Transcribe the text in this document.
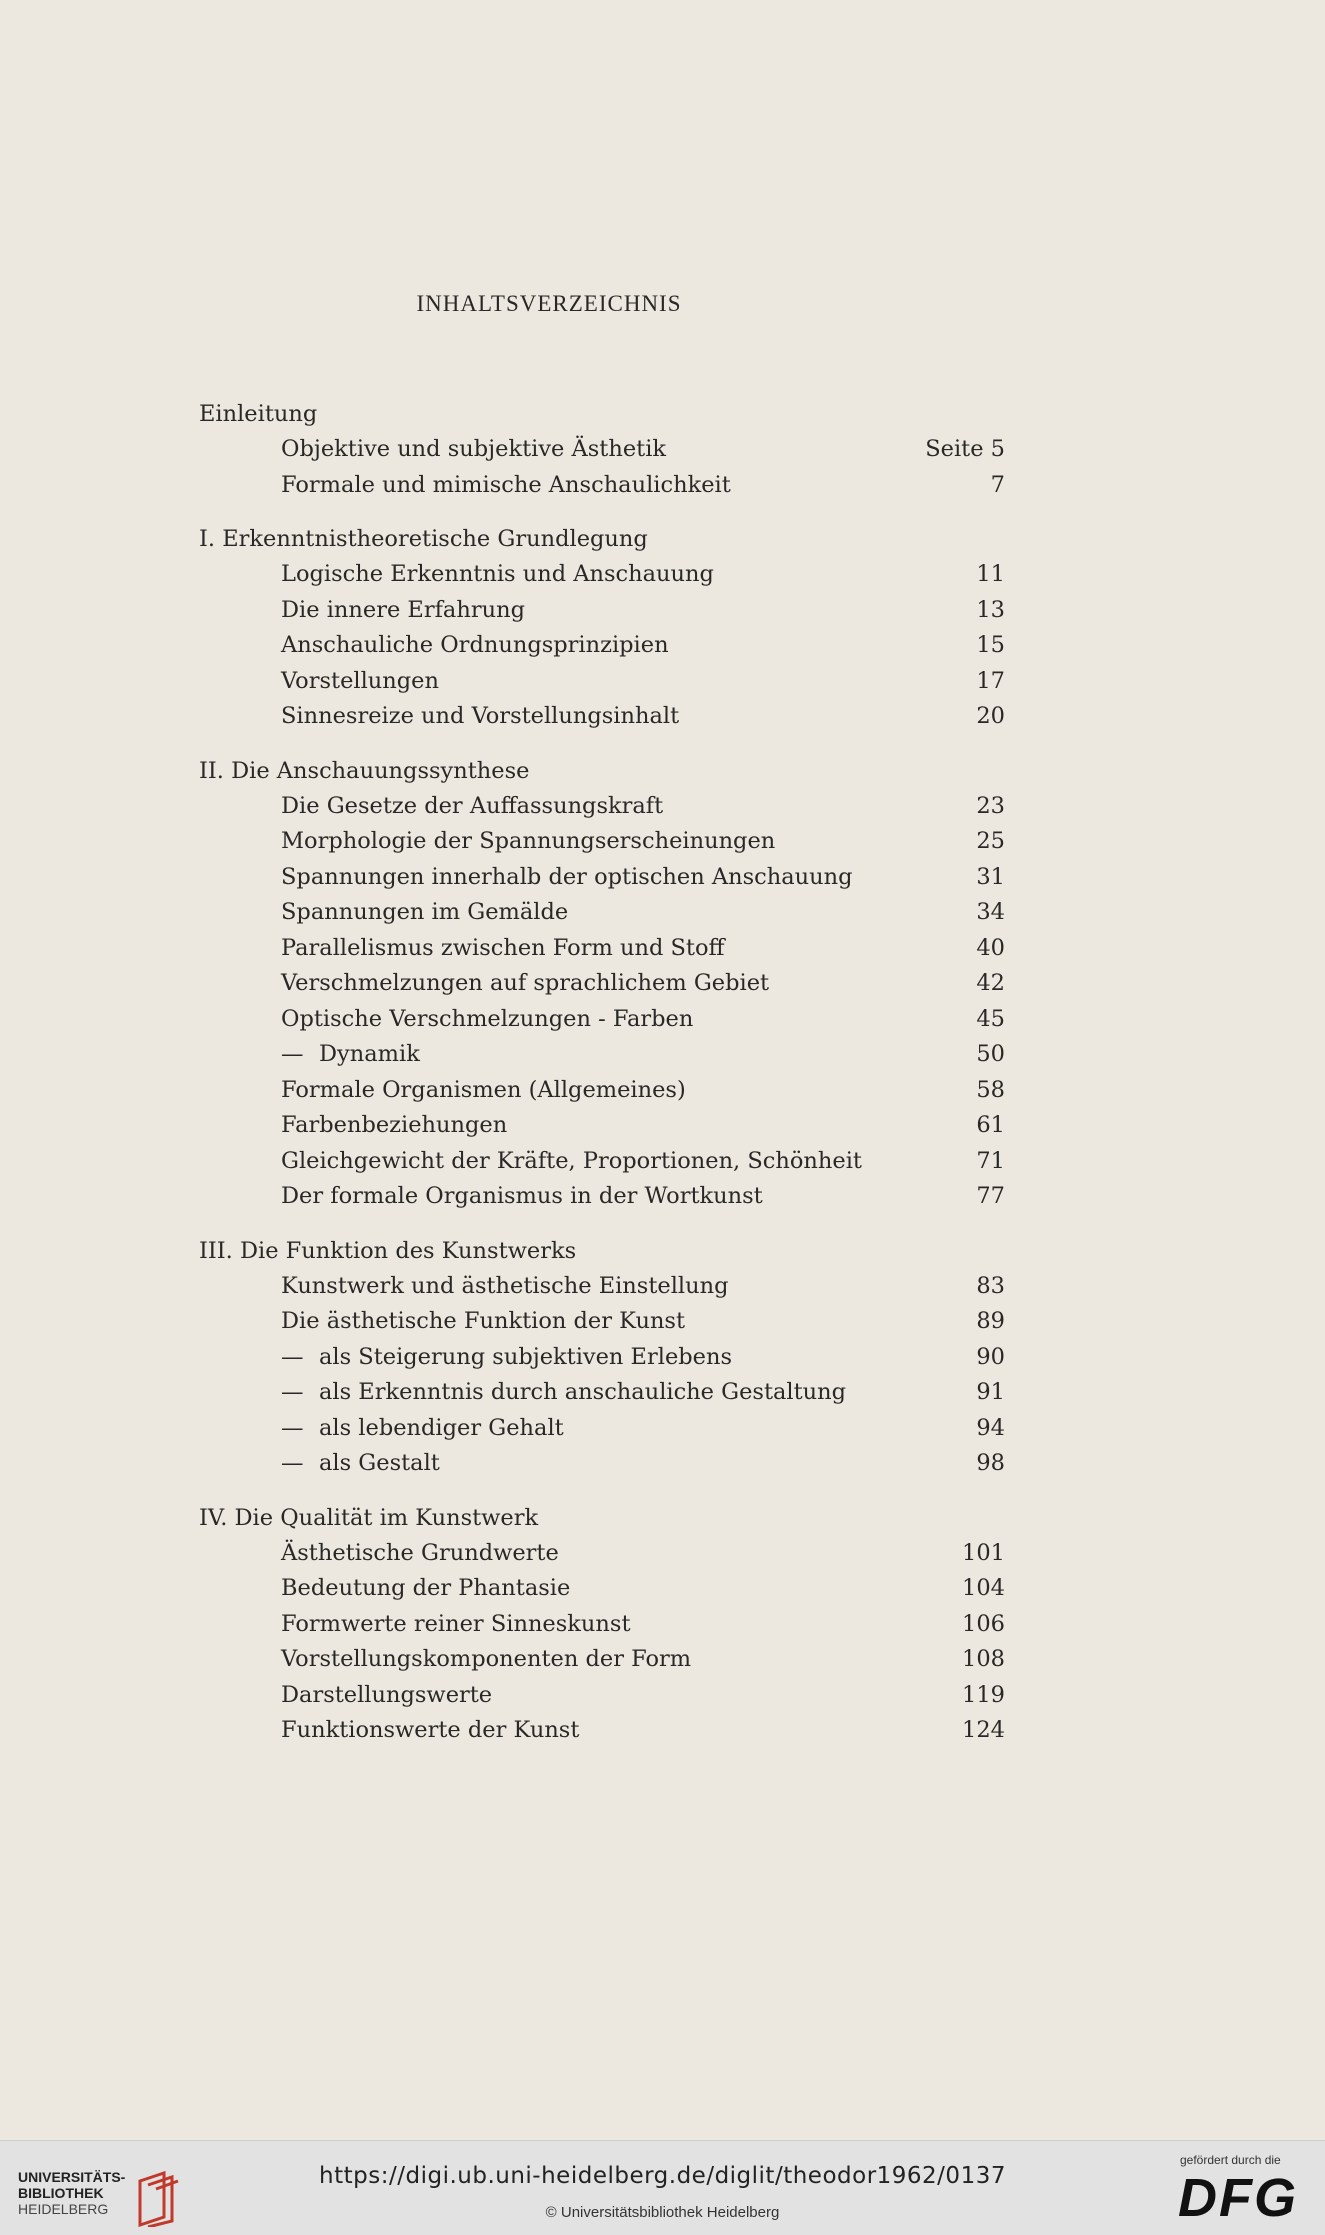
INHALTSVERZEICHNIS
Einleitung
Objektive und subjektive Ästhetik	Seite 5
Formale und mimische Anschaulichkeit	7
I. Erkenntnistheoretische Grundlegung
Logische Erkenntnis und Anschauung	11
Die innere Erfahrung	13
Anschauliche Ordnungsprinzipien	15
Vorstellungen	17
Sinnesreize und Vorstellungsinhalt	20
II. Die Anschauungssynthese
Die Gesetze der Auffassungskraft	23
Morphologie der Spannungserscheinungen	25
Spannungen innerhalb der optischen Anschauung	31
Spannungen im Gemälde	34
Parallelismus zwischen Form und Stoff	40
Verschmelzungen auf sprachlichem Gebiet	42
Optische Verschmelzungen - Farben	45
— Dynamik	50
Formale Organismen (Allgemeines)	58
Farbenbeziehungen	61
Gleichgewicht der Kräfte, Proportionen, Schönheit	71
Der formale Organismus in der Wortkunst	77
III. Die Funktion des Kunstwerks
Kunstwerk und ästhetische Einstellung	83
Die ästhetische Funktion der Kunst	89
— als Steigerung subjektiven Erlebens	90
— als Erkenntnis durch anschauliche Gestaltung	91
— als lebendiger Gehalt	94
— als Gestalt	98
IV. Die Qualität im Kunstwerk
Ästhetische Grundwerte	101
Bedeutung der Phantasie	104
Formwerte reiner Sinneskunst	106
Vorstellungskomponenten der Form	108
Darstellungswerte	119
Funktionswerte der Kunst	124
UNIVERSITÄTS-
BIBLIOTHEK
HEIDELBERG
https://digi.ub.uni-heidelberg.de/diglit/theodor1962/0137
© Universitätsbibliothek Heidelberg
gefördert durch die
DFG
